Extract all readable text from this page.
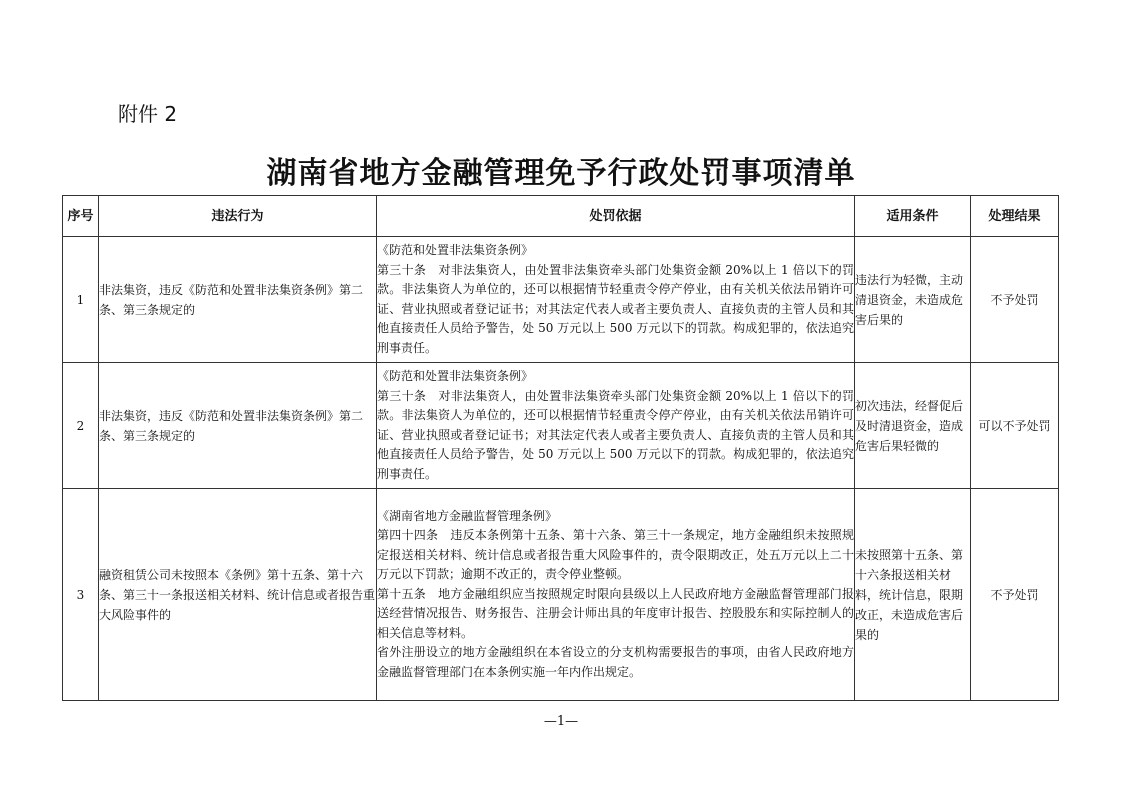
附件 2
湖南省地方金融管理免予行政处罚事项清单
序号	违法行为	处罚依据	适用条件	处理结果
1	非法集资，违反《防范和处置非法集资条例》第二条、第三条规定的	《防范和处置非法集资条例》

第三十条　对非法集资人，由处置非法集资牵头部门处集资金额 20%以上 1 倍以下的罚款。非法集资人为单位的，还可以根据情节轻重责令停产停业，由有关机关依法吊销许可证、营业执照或者登记证书；对其法定代表人或者主要负责人、直接负责的主管人员和其他直接责任人员给予警告，处 50 万元以上 500 万元以下的罚款。构成犯罪的，依法追究刑事责任。	违法行为轻微，主动清退资金，未造成危害后果的	不予处罚
2	非法集资，违反《防范和处置非法集资条例》第二条、第三条规定的	《防范和处置非法集资条例》

第三十条　对非法集资人，由处置非法集资牵头部门处集资金额 20%以上 1 倍以下的罚款。非法集资人为单位的，还可以根据情节轻重责令停产停业，由有关机关依法吊销许可证、营业执照或者登记证书；对其法定代表人或者主要负责人、直接负责的主管人员和其他直接责任人员给予警告，处 50 万元以上 500 万元以下的罚款。构成犯罪的，依法追究刑事责任。	初次违法，经督促后及时清退资金，造成危害后果轻微的	可以不予处罚
3	融资租赁公司未按照本《条例》第十五条、第十六条、第三十一条报送相关材料、统计信息或者报告重大风险事件的	《湖南省地方金融监督管理条例》

第四十四条　违反本条例第十五条、第十六条、第三十一条规定，地方金融组织未按照规定报送相关材料、统计信息或者报告重大风险事件的，责令限期改正，处五万元以上二十万元以下罚款；逾期不改正的，责令停业整顿。

第十五条　地方金融组织应当按照规定时限向县级以上人民政府地方金融监督管理部门报送经营情况报告、财务报告、注册会计师出具的年度审计报告、控股股东和实际控制人的相关信息等材料。

省外注册设立的地方金融组织在本省设立的分支机构需要报告的事项，由省人民政府地方金融监督管理部门在本条例实施一年内作出规定。	未按照第十五条、第十六条报送相关材料，统计信息，限期改正，未造成危害后果的	不予处罚
—1—
